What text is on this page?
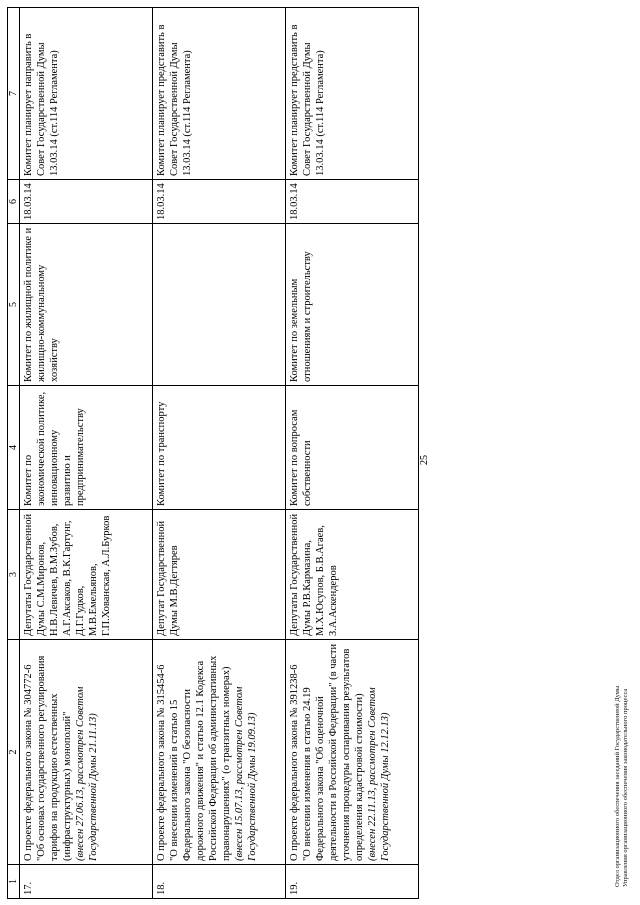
25
1	2	3	4	5	6	7
17.	О проекте федерального закона № 304772-6 "Об основах государственного регулирования тарифов на продукцию естественных (инфраструктурных) монополий" (внесен 27.06.13, рассмотрен Советом Государственной Думы 21.11.13)	Депутаты Государственной Думы С.М.Миронов, Н.В.Левичев, В.М.Зубов, А.Г.Аксаков, В.К.Гартунг, Д.Г.Гудков, М.В.Емельянов, Г.П.Хованская, А.Л.Бурков	Комитет по экономической политике, инновационному развитию и предпринимательству	Комитет по жилищной политике и жилищно-коммунальному хозяйству	18.03.14	Комитет планирует направить в Совет Государственной Думы 13.03.14 (ст.114 Регламента)
18.	О проекте федерального закона № 315454-6 "О внесении изменений в статью 15 Федерального закона "О безопасности дорожного движения" и статью 12.1 Кодекса Российской Федерации об административных правонарушениях" (о транзитных номерах) (внесен 15.07.13, рассмотрен Советом Государственной Думы 19.09.13)	Депутат Государственной Думы М.В.Дегтярев	Комитет по транспорту		18.03.14	Комитет планирует представить в Совет Государственной Думы 13.03.14 (ст.114 Регламента)
19.	О проекте федерального закона № 391238-6 "О внесении изменения в статью 24.19 Федерального закона "Об оценочной деятельности в Российской Федерации" (в части уточнения процедуры оспаривания результатов определения кадастровой стоимости) (внесен 22.11.13, рассмотрен Советом Государственной Думы 12.12.13)	Депутаты Государственной Думы Р.В.Кармазина, М.Х.Юсупов, Б.В.Агаев, З.А.Аскендеров	Комитет по вопросам собственности	Комитет по земельным отношениям и строительству	18.03.14	Комитет планирует представить в Совет Государственной Думы 13.03.14 (ст.114 Регламента)
Отдел организационного обеспечения заседаний Государственной Думы Управления организационного обеспечения законодательного процесса
